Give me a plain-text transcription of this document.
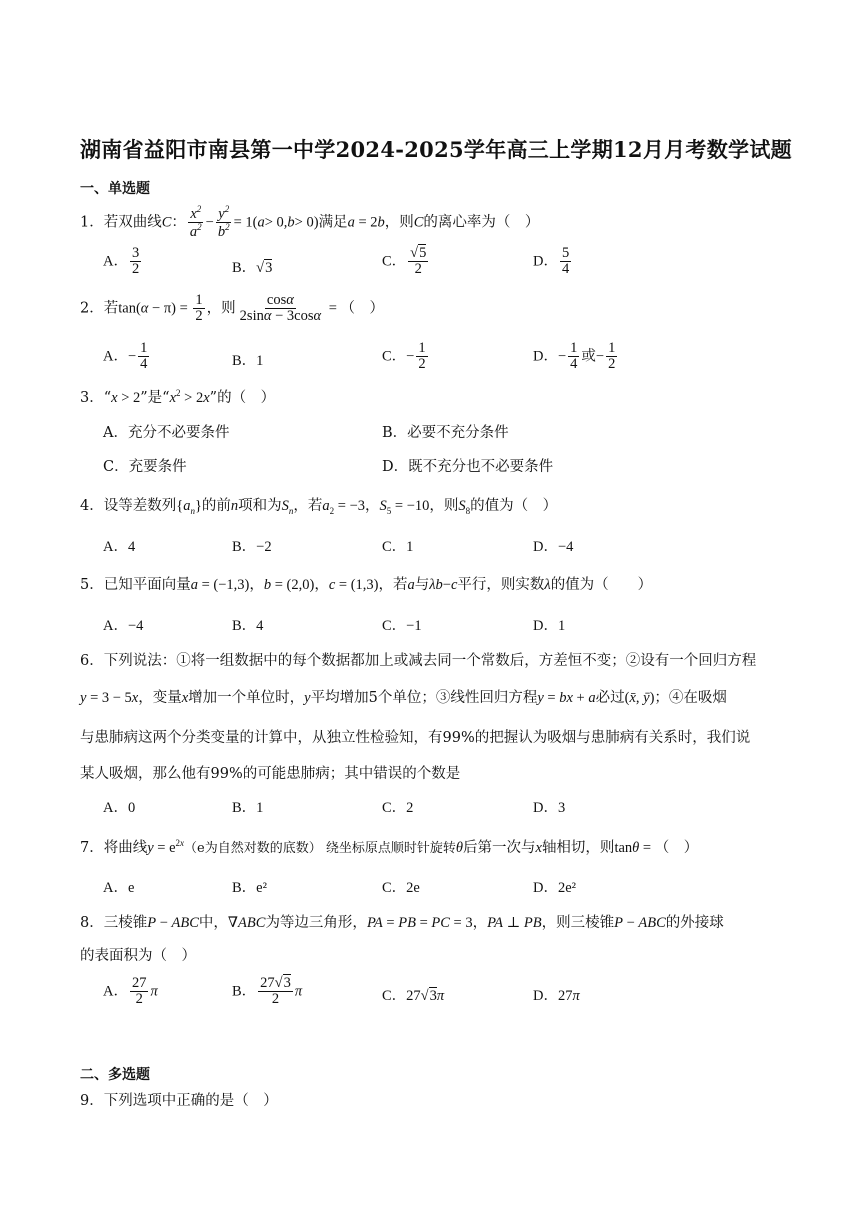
湖南省益阳市南县第一中学2024-2025学年高三上学期12月月考数学试题
一、单选题
1．若双曲线C： $\frac{x^2}{a^2} - \frac{y^2}{b^2} = 1(a> 0,b> 0)$满足a = 2b，则C的离心率为（　）
A． $\frac{3}{2}$	B．√3	C． $\frac{√5}{2}$	D． $\frac{5}{4}$
2．若$\tan(\alpha - \pi) = \frac{1}{2}$ ，则 $\frac{\cos\alpha}{2\sin\alpha - 3\cos\alpha}$ = （　）
A．− $\frac{1}{4}$	B．1	C．− $\frac{1}{2}$	D．− $\frac{1}{4}$ 或− $\frac{1}{2}$
3．“x > 2”是“$x^2 > 2x$”的（　）
A．充分不必要条件	B．必要不充分条件
C．充要条件	D．既不充分也不必要条件
4．设等差数列$\{a_n\}$的前n项和为$S_n$，若$a_2 = -3$，$S_5 = -10$，则$S_8$的值为（　）
A．4	B．−2	C．1	D．−4
5．已知平面向量a = (−1,3)，b = (2,0)，c = (1,3)，若a与λb−c平行，则实数λ的值为（　　）
A．−4	B．4	C．−1	D．1
6．下列说法：①将一组数据中的每个数据都加上或减去同一个常数后，方差恒不变；②设有一个回归方程
y = 3 − 5x，变量x增加一个单位时，y平均增加5个单位；③线性回归方程y = bx + a必过(x̄, ȳ)；④在吸烟
与患肺病这两个分类变量的计算中，从独立性检验知，有99%的把握认为吸烟与患肺病有关系时，我们说
某人吸烟，那么他有99%的可能患肺病；其中错误的个数是
A．0	B．1	C．2	D．3
7．将曲线$y = e^{2x}(e$为自然对数的底数） 绕坐标原点顺时针旋转θ后第一次与x轴相切，则tanθ = （　）
A．e	B．e²	C．2e	D．2e²
8．三棱锥P − ABC中，∇ABC为等边三角形，PA = PB = PC = 3，PA ⊥ PB，则三棱锥P − ABC的外接球
的表面积为（　）
A． $\frac{27}{2}$ π	B． $\frac{27√3}{2}$ π	C．27√3π	D．27π
二、多选题
9．下列选项中正确的是（　）
